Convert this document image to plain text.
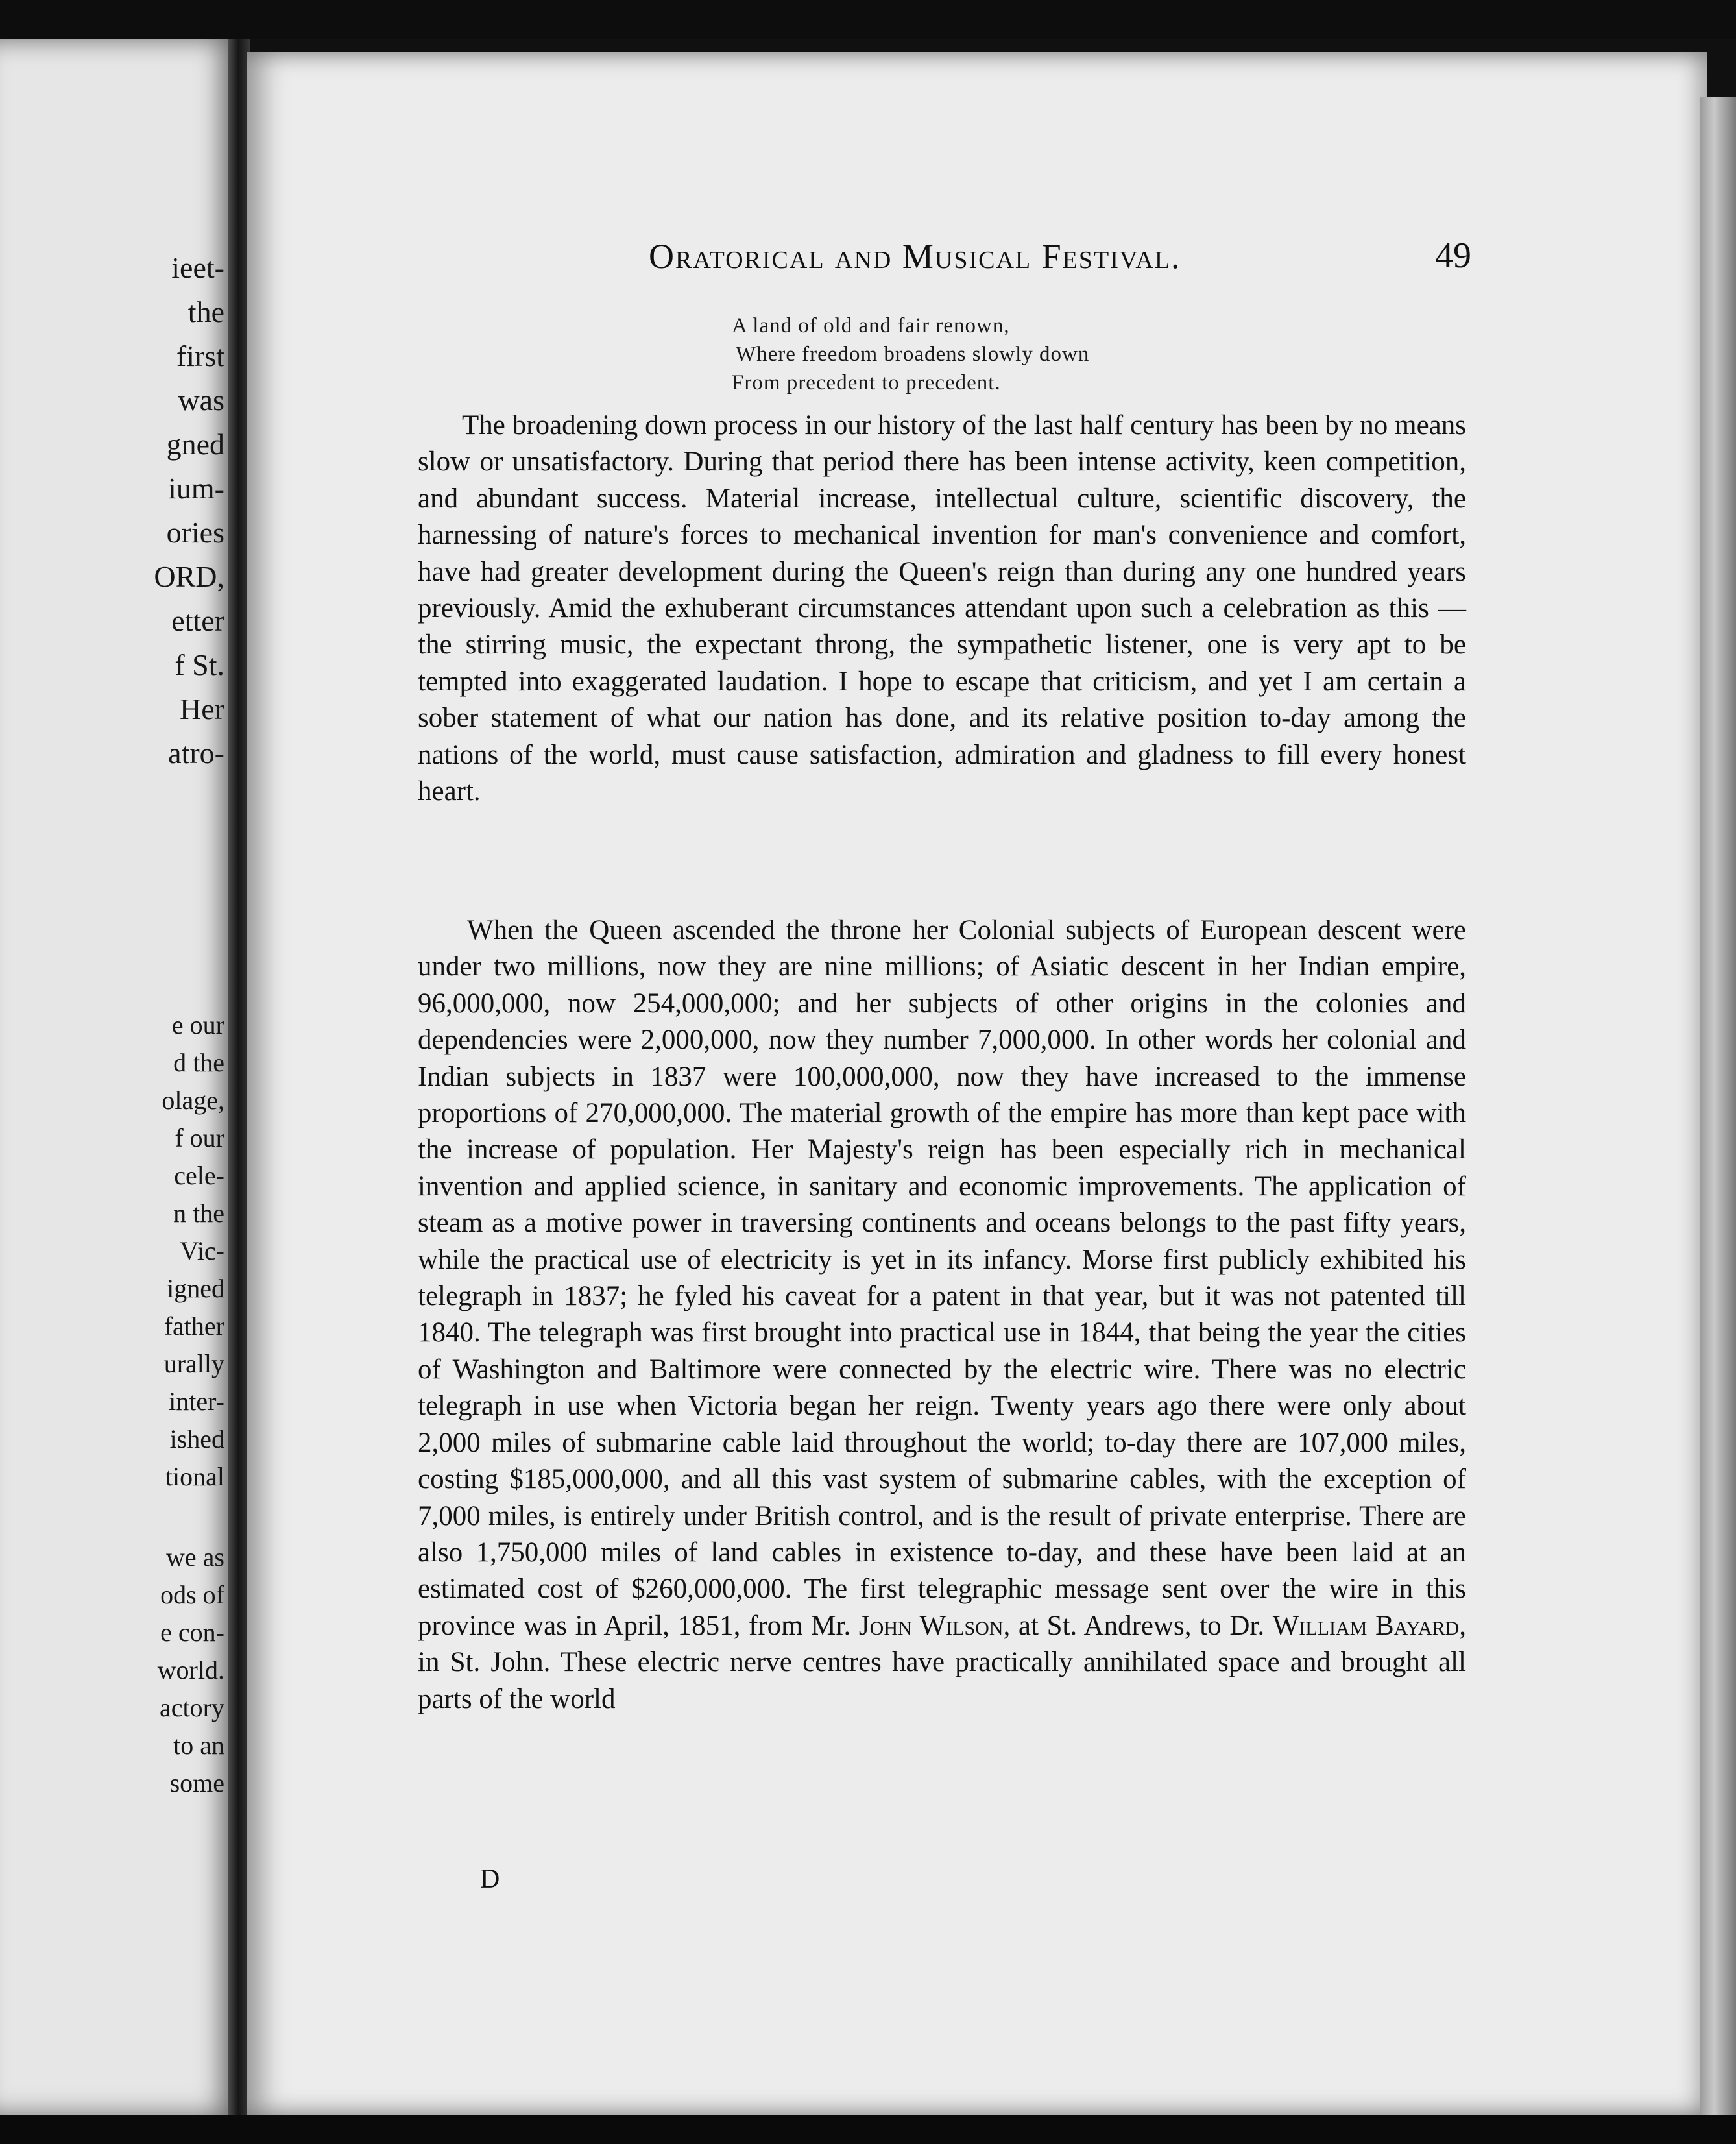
ieet-
the
first
was
gned
ium-
ories
ORD,
etter
f St.
Her
atro-
e our
d the
olage,
f our
cele-
n the
Vic-
igned
father
urally
inter-
ished
tional
we as
ods of
e con-
world.
actory
to an
some
Oratorical and Musical Festival.	49
A land of old and fair renown,
Where freedom broadens slowly down
From precedent to precedent.
The broadening down process in our history of the last half century has been by no means slow or unsatisfactory. During that period there has been intense activity, keen competition, and abundant success. Material increase, intellectual culture, scientific discovery, the harnessing of nature's forces to mechanical invention for man's convenience and comfort, have had greater development during the Queen's reign than during any one hundred years previously. Amid the exhuberant circumstances attendant upon such a celebration as this — the stirring music, the expectant throng, the sympathetic listener, one is very apt to be tempted into exaggerated laudation. I hope to escape that criticism, and yet I am certain a sober statement of what our nation has done, and its relative position to-day among the nations of the world, must cause satisfaction, admiration and gladness to fill every honest heart.
When the Queen ascended the throne her Colonial subjects of European descent were under two millions, now they are nine millions; of Asiatic descent in her Indian empire, 96,000,000, now 254,000,000; and her subjects of other origins in the colonies and dependencies were 2,000,000, now they number 7,000,000. In other words her colonial and Indian subjects in 1837 were 100,000,000, now they have increased to the immense proportions of 270,000,000. The material growth of the empire has more than kept pace with the increase of population. Her Majesty's reign has been especially rich in mechanical invention and applied science, in sanitary and economic improvements. The application of steam as a motive power in traversing continents and oceans belongs to the past fifty years, while the practical use of electricity is yet in its infancy. Morse first publicly exhibited his telegraph in 1837; he fyled his caveat for a patent in that year, but it was not patented till 1840. The telegraph was first brought into practical use in 1844, that being the year the cities of Washington and Baltimore were connected by the electric wire. There was no electric telegraph in use when Victoria began her reign. Twenty years ago there were only about 2,000 miles of submarine cable laid throughout the world; to-day there are 107,000 miles, costing $185,000,000, and all this vast system of submarine cables, with the exception of 7,000 miles, is entirely under British control, and is the result of private enterprise. There are also 1,750,000 miles of land cables in existence to-day, and these have been laid at an estimated cost of $260,000,000. The first telegraphic message sent over the wire in this province was in April, 1851, from Mr. John Wilson, at St. Andrews, to Dr. William Bayard, in St. John. These electric nerve centres have practically annihilated space and brought all parts of the world
D
